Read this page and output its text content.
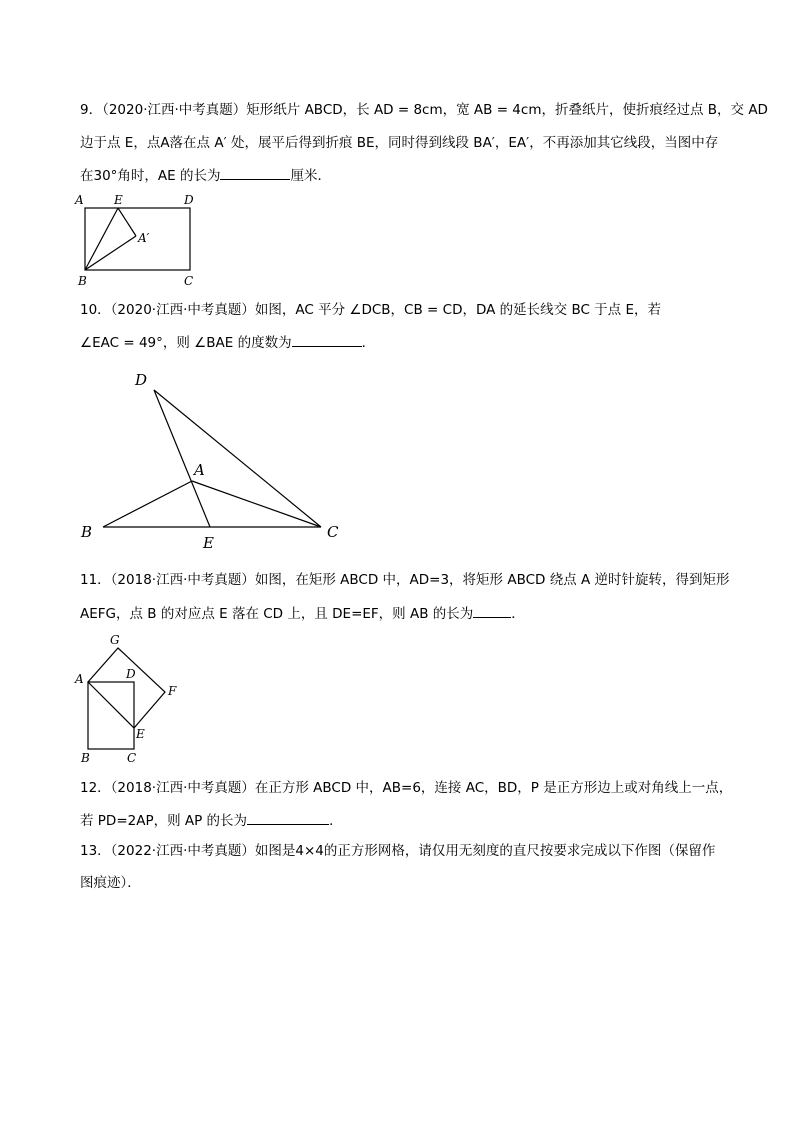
9．（2020·江西·中考真题）矩形纸片 ABCD，长 AD = 8cm，宽 AB = 4cm，折叠纸片，使折痕经过点 B，交 AD
边于点 E，点A落在点 A′ 处，展平后得到折痕 BE，同时得到线段 BA′，EA′，不再添加其它线段，当图中存
在30°角时，AE 的长为	厘米．
A	E	D
A′
B	C
10．（2020·江西·中考真题）如图，AC 平分 ∠DCB，CB = CD，DA 的延长线交 BC 于点 E，若
∠EAC = 49°，则 ∠BAE 的度数为	．
D
A
B
E
C
11．（2018·江西·中考真题）如图，在矩形 ABCD 中，AD=3，将矩形 ABCD 绕点 A 逆时针旋转，得到矩形
AEFG，点 B 的对应点 E 落在 CD 上，且 DE=EF，则 AB 的长为	．
G
A	D
F
E
B	C
12．（2018·江西·中考真题）在正方形 ABCD 中，AB=6，连接 AC，BD，P 是正方形边上或对角线上一点，
若 PD=2AP，则 AP 的长为	．
13．（2022·江西·中考真题）如图是4×4的正方形网格，请仅用无刻度的直尺按要求完成以下作图（保留作
图痕迹）．
